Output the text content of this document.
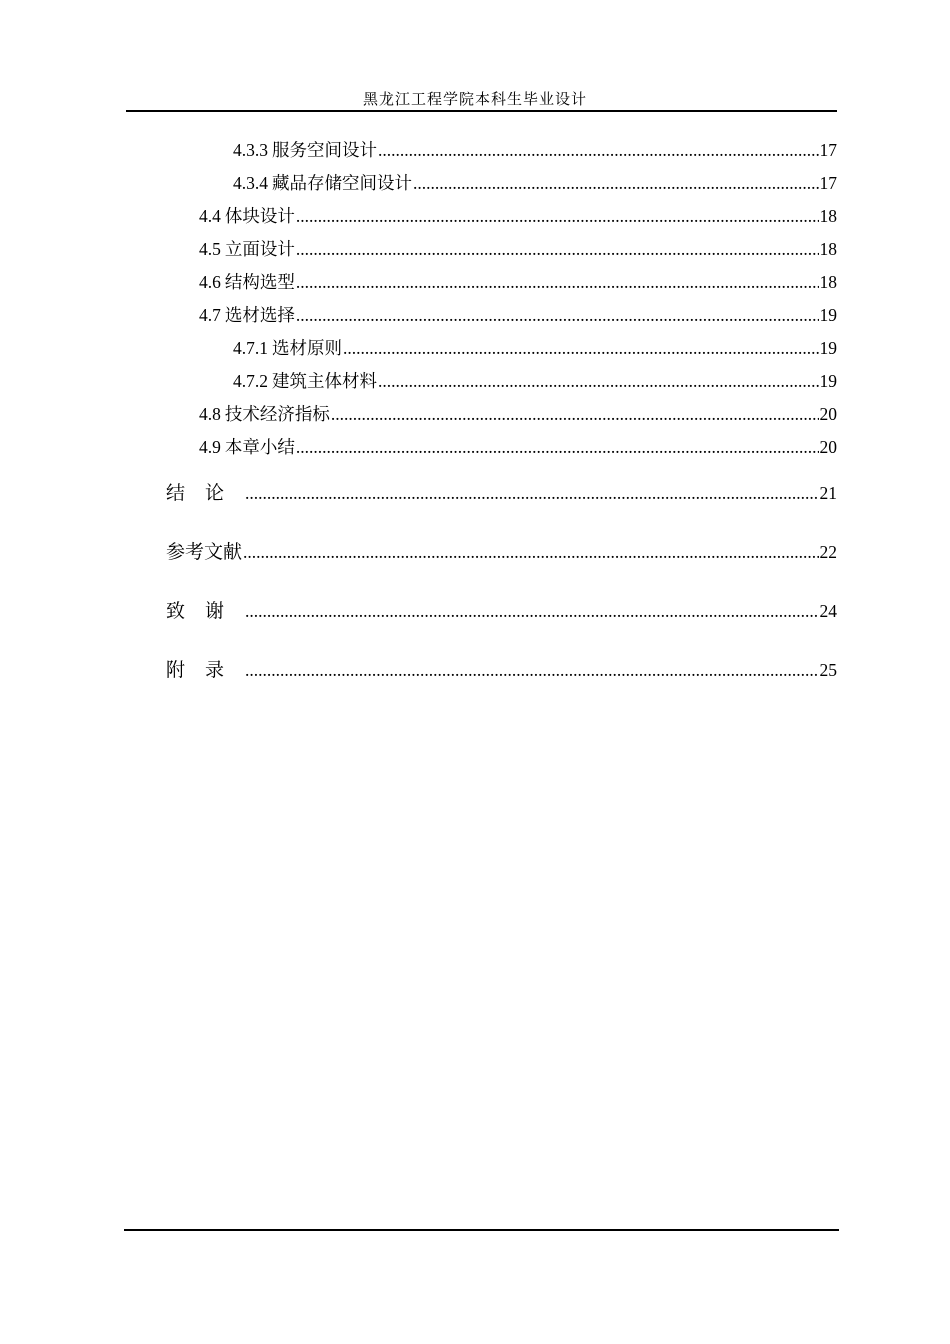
黑龙江工程学院本科生毕业设计
4.3.3 服务空间设计 .....	17
4.3.4 藏品存储空间设计 .....	17
4.4 体块设计 .....	18
4.5 立面设计 .....	18
4.6 结构选型 .....	18
4.7 选材选择 .....	19
4.7.1 选材原则 .....	19
4.7.2 建筑主体材料 .....	19
4.8 技术经济指标 .....	20
4.9 本章小结 .....	20
结论 .....	21
参考文献 .....	22
致谢 .....	24
附录 .....	25
